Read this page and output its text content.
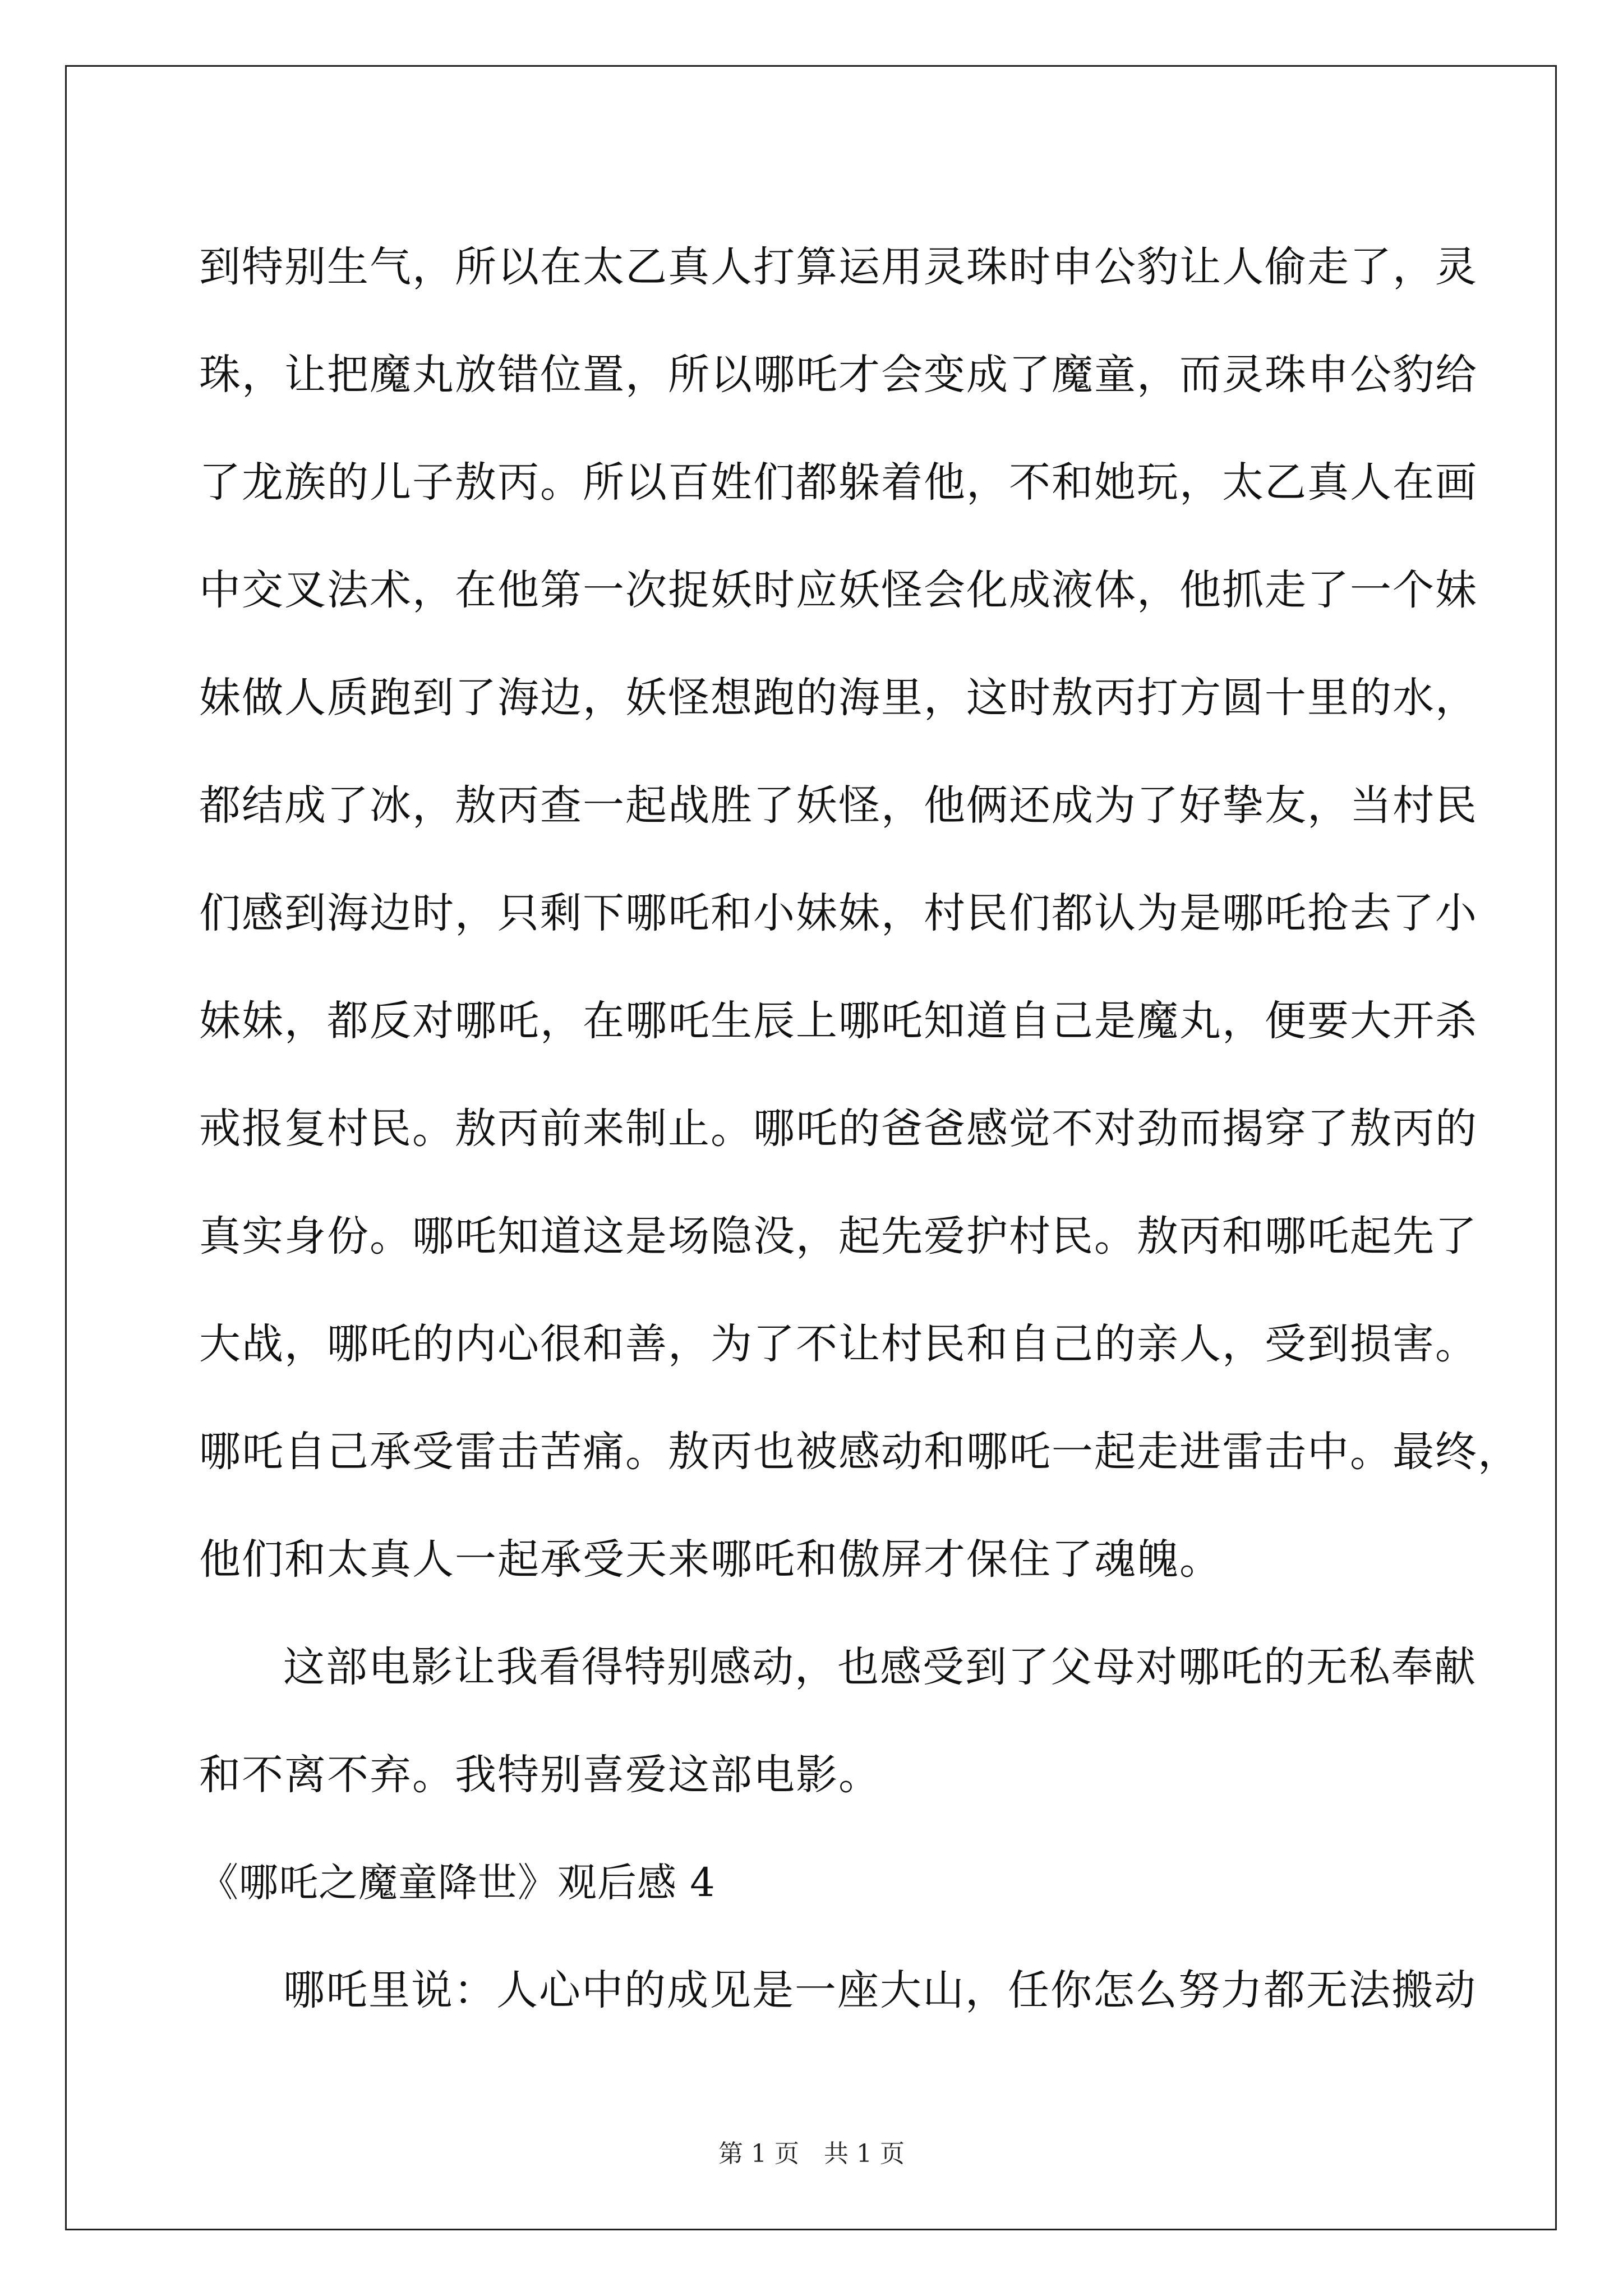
到特别生气，所以在太乙真人打算运用灵珠时申公豹让人偷走了，灵
珠，让把魔丸放错位置，所以哪吒才会变成了魔童，而灵珠申公豹给
了龙族的儿子敖丙。所以百姓们都躲着他，不和她玩，太乙真人在画
中交叉法术，在他第一次捉妖时应妖怪会化成液体，他抓走了一个妹
妹做人质跑到了海边，妖怪想跑的海里，这时敖丙打方圆十里的水，
都结成了冰，敖丙查一起战胜了妖怪，他俩还成为了好挚友，当村民
们感到海边时，只剩下哪吒和小妹妹，村民们都认为是哪吒抢去了小
妹妹，都反对哪吒，在哪吒生辰上哪吒知道自己是魔丸，便要大开杀
戒报复村民。敖丙前来制止。哪吒的爸爸感觉不对劲而揭穿了敖丙的
真实身份。哪吒知道这是场隐没，起先爱护村民。敖丙和哪吒起先了
大战，哪吒的内心很和善，为了不让村民和自己的亲人，受到损害。
哪吒自己承受雷击苦痛。敖丙也被感动和哪吒一起走进雷击中。最终，
他们和太真人一起承受天来哪吒和傲屏才保住了魂魄。
这部电影让我看得特别感动，也感受到了父母对哪吒的无私奉献
和不离不弃。我特别喜爱这部电影。
《哪吒之魔童降世》观后感 4
哪吒里说：人心中的成见是一座大山，任你怎么努力都无法搬动
第 1 页　共 1 页
